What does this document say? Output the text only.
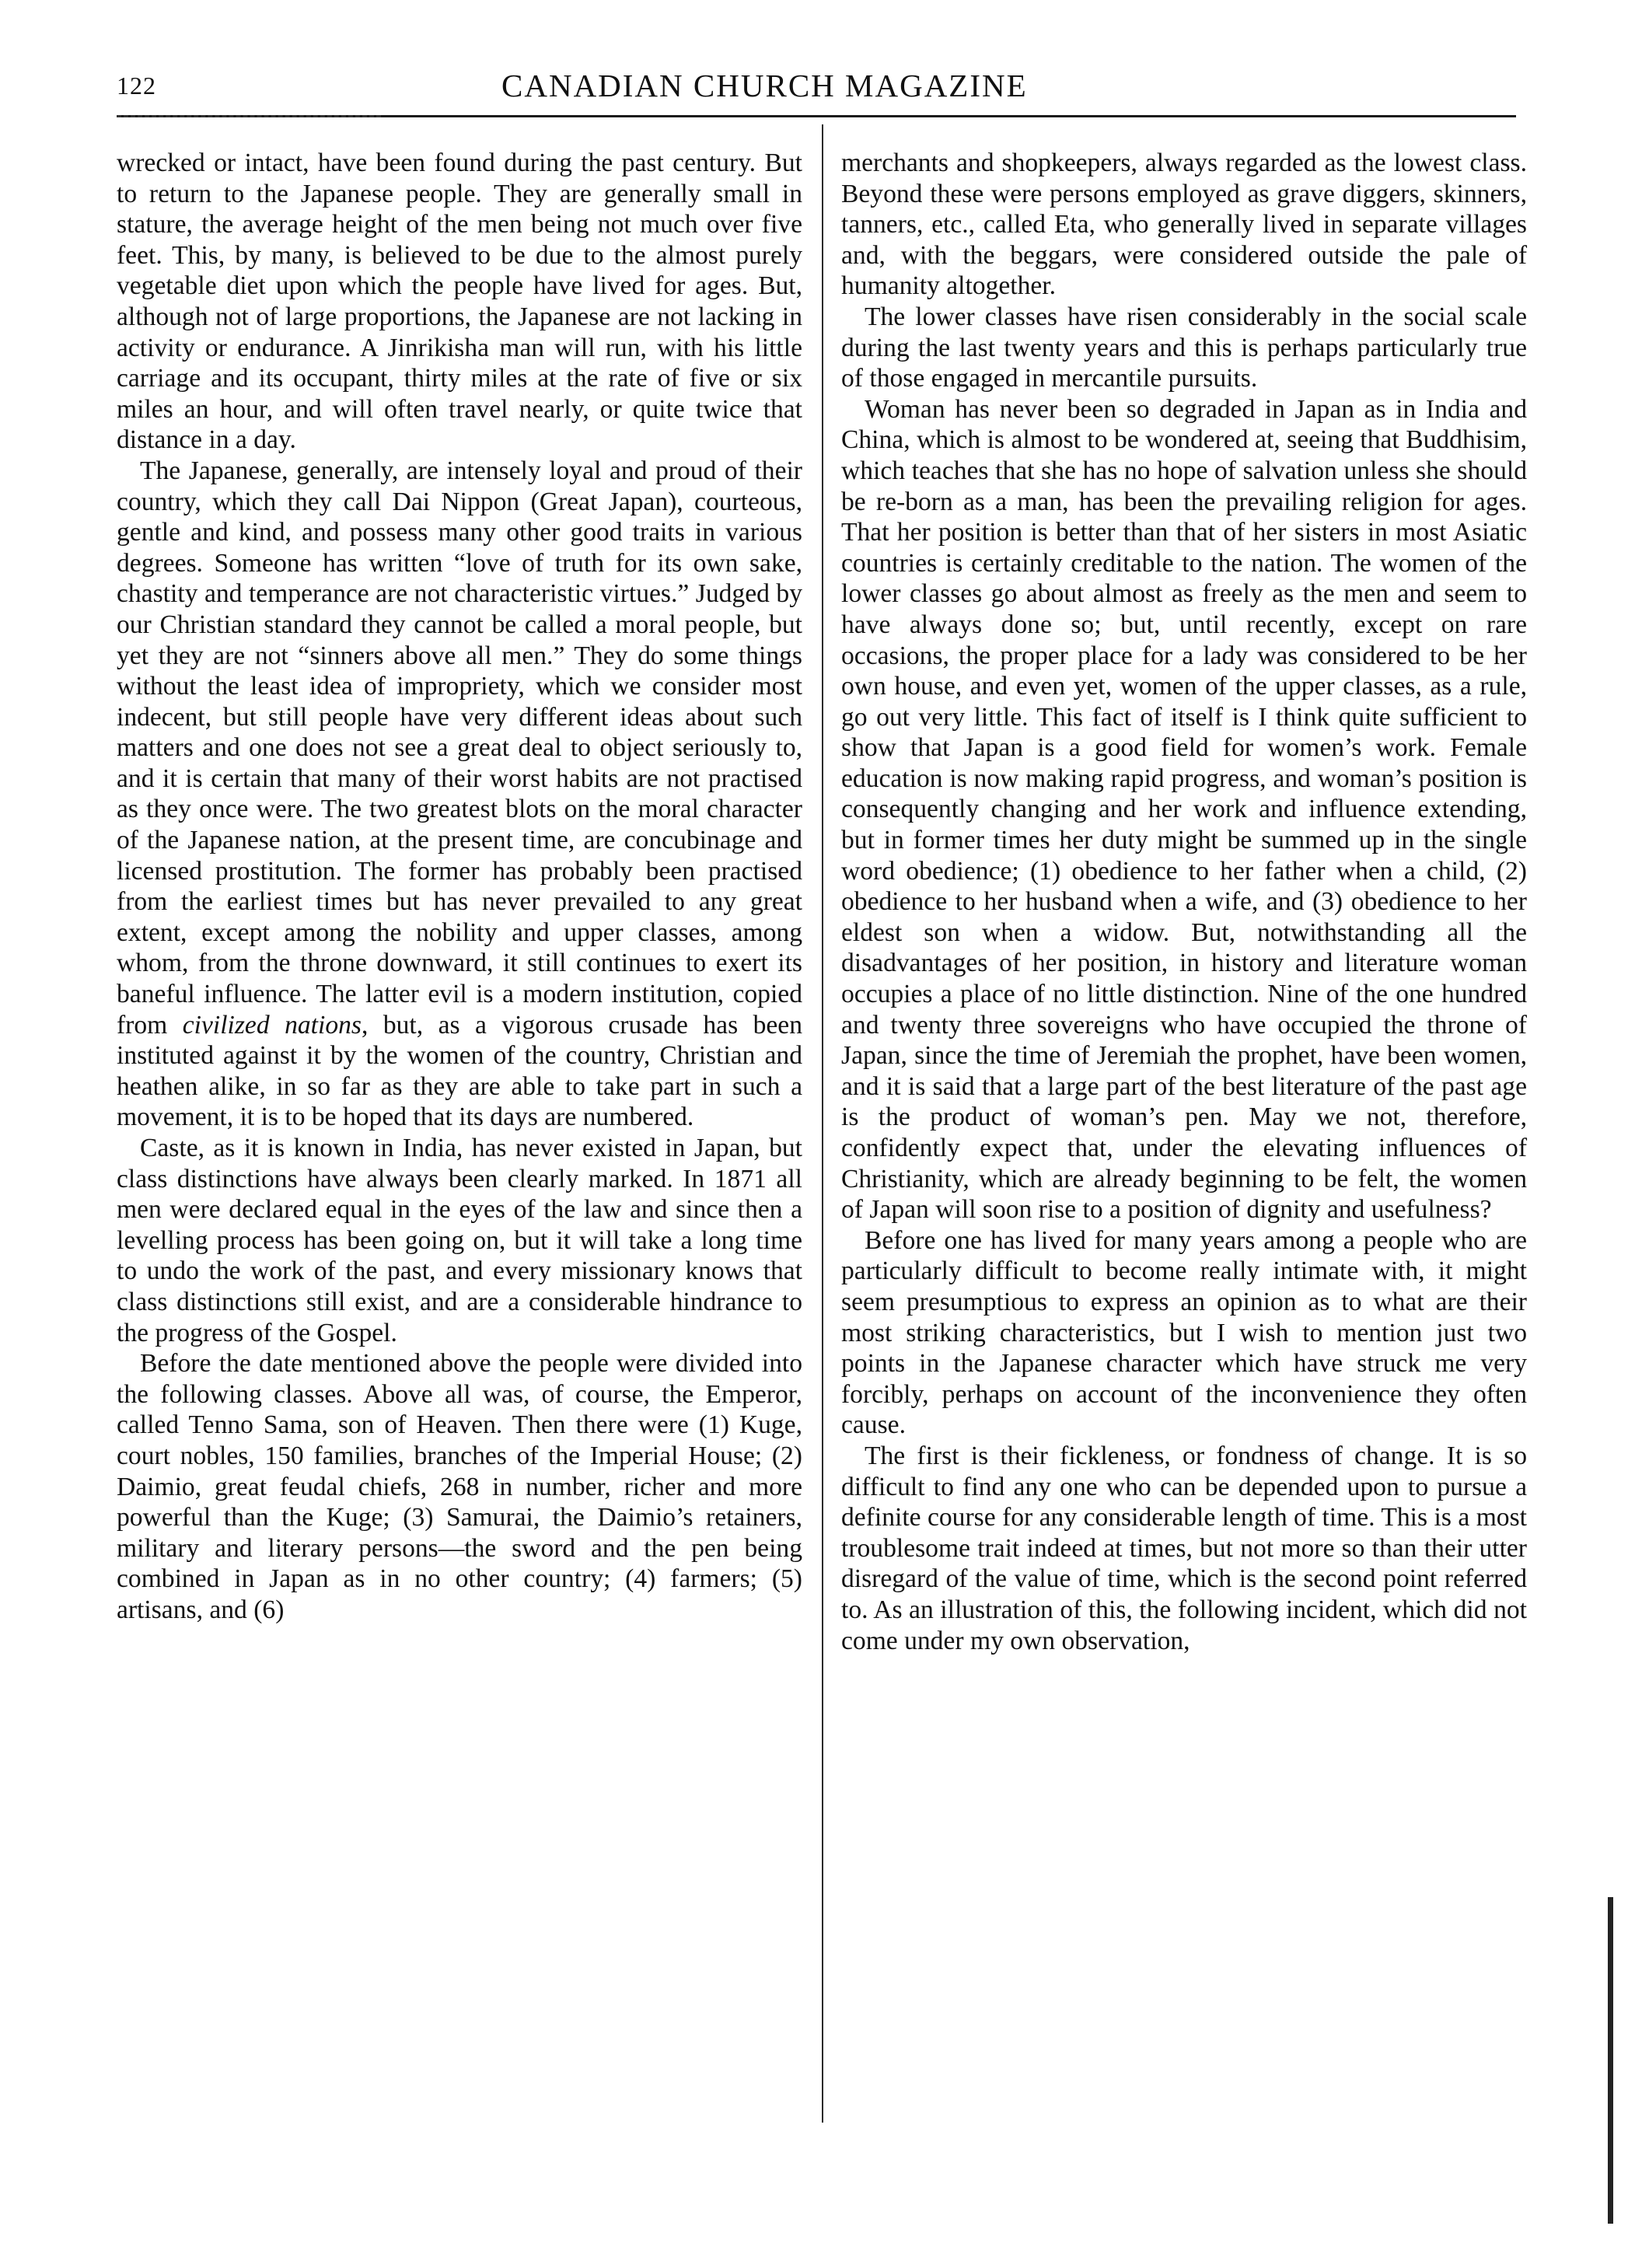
122	CANADIAN CHURCH MAGAZINE

wrecked or intact, have been found during the past century. But to return to the Japanese people. They are generally small in stature, the average height of the men being not much over five feet. This, by many, is believed to be due to the almost purely vegetable diet upon which the people have lived for ages. But, although not of large proportions, the Japanese are not lacking in activity or endurance. A Jinrikisha man will run, with his little carriage and its occupant, thirty miles at the rate of five or six miles an hour, and will often travel nearly, or quite twice that distance in a day.

The Japanese, generally, are intensely loyal and proud of their country, which they call Dai Nippon (Great Japan), courteous, gentle and kind, and possess many other good traits in various degrees. Someone has written “love of truth for its own sake, chastity and temperance are not characteristic virtues.” Judged by our Christian standard they cannot be called a moral people, but yet they are not “sinners above all men.” They do some things without the least idea of impropriety, which we consider most indecent, but still people have very different ideas about such matters and one does not see a great deal to object seriously to, and it is certain that many of their worst habits are not practised as they once were. The two greatest blots on the moral character of the Japanese nation, at the present time, are concubinage and licensed prostitution. The former has probably been practised from the earliest times but has never prevailed to any great extent, except among the nobility and upper classes, among whom, from the throne downward, it still continues to exert its baneful influence. The latter evil is a modern institution, copied from civilized nations, but, as a vigorous crusade has been instituted against it by the women of the country, Christian and heathen alike, in so far as they are able to take part in such a movement, it is to be hoped that its days are numbered.

Caste, as it is known in India, has never existed in Japan, but class distinctions have always been clearly marked. In 1871 all men were declared equal in the eyes of the law and since then a levelling process has been going on, but it will take a long time to undo the work of the past, and every missionary knows that class distinctions still exist, and are a considerable hindrance to the progress of the Gospel.

Before the date mentioned above the people were divided into the following classes. Above all was, of course, the Emperor, called Tenno Sama, son of Heaven. Then there were (1) Kuge, court nobles, 150 families, branches of the Imperial House; (2) Daimio, great feudal chiefs, 268 in number, richer and more powerful than the Kuge; (3) Samurai, the Daimio’s retainers, military and literary persons—the sword and the pen being combined in Japan as in no other country; (4) farmers; (5) artisans, and (6)

merchants and shopkeepers, always regarded as the lowest class. Beyond these were persons employed as grave diggers, skinners, tanners, etc., called Eta, who generally lived in separate villages and, with the beggars, were considered outside the pale of humanity altogether.

The lower classes have risen considerably in the social scale during the last twenty years and this is perhaps particularly true of those engaged in mercantile pursuits.

Woman has never been so degraded in Japan as in India and China, which is almost to be wondered at, seeing that Buddhisim, which teaches that she has no hope of salvation unless she should be re-born as a man, has been the prevailing religion for ages. That her position is better than that of her sisters in most Asiatic countries is certainly creditable to the nation. The women of the lower classes go about almost as freely as the men and seem to have always done so; but, until recently, except on rare occasions, the proper place for a lady was considered to be her own house, and even yet, women of the upper classes, as a rule, go out very little. This fact of itself is I think quite sufficient to show that Japan is a good field for women’s work. Female education is now making rapid progress, and woman’s position is consequently changing and her work and influence extending, but in former times her duty might be summed up in the single word obedience; (1) obedience to her father when a child, (2) obedience to her husband when a wife, and (3) obedience to her eldest son when a widow. But, notwithstanding all the disadvantages of her position, in history and literature woman occupies a place of no little distinction. Nine of the one hundred and twenty three sovereigns who have occupied the throne of Japan, since the time of Jeremiah the prophet, have been women, and it is said that a large part of the best literature of the past age is the product of woman’s pen. May we not, therefore, confidently expect that, under the elevating influences of Christianity, which are already beginning to be felt, the women of Japan will soon rise to a position of dignity and usefulness?

Before one has lived for many years among a people who are particularly difficult to become really intimate with, it might seem presumptious to express an opinion as to what are their most striking characteristics, but I wish to mention just two points in the Japanese character which have struck me very forcibly, perhaps on account of the inconvenience they often cause.

The first is their fickleness, or fondness of change. It is so difficult to find any one who can be depended upon to pursue a definite course for any considerable length of time. This is a most troublesome trait indeed at times, but not more so than their utter disregard of the value of time, which is the second point referred to. As an illustration of this, the following incident, which did not come under my own observation,
